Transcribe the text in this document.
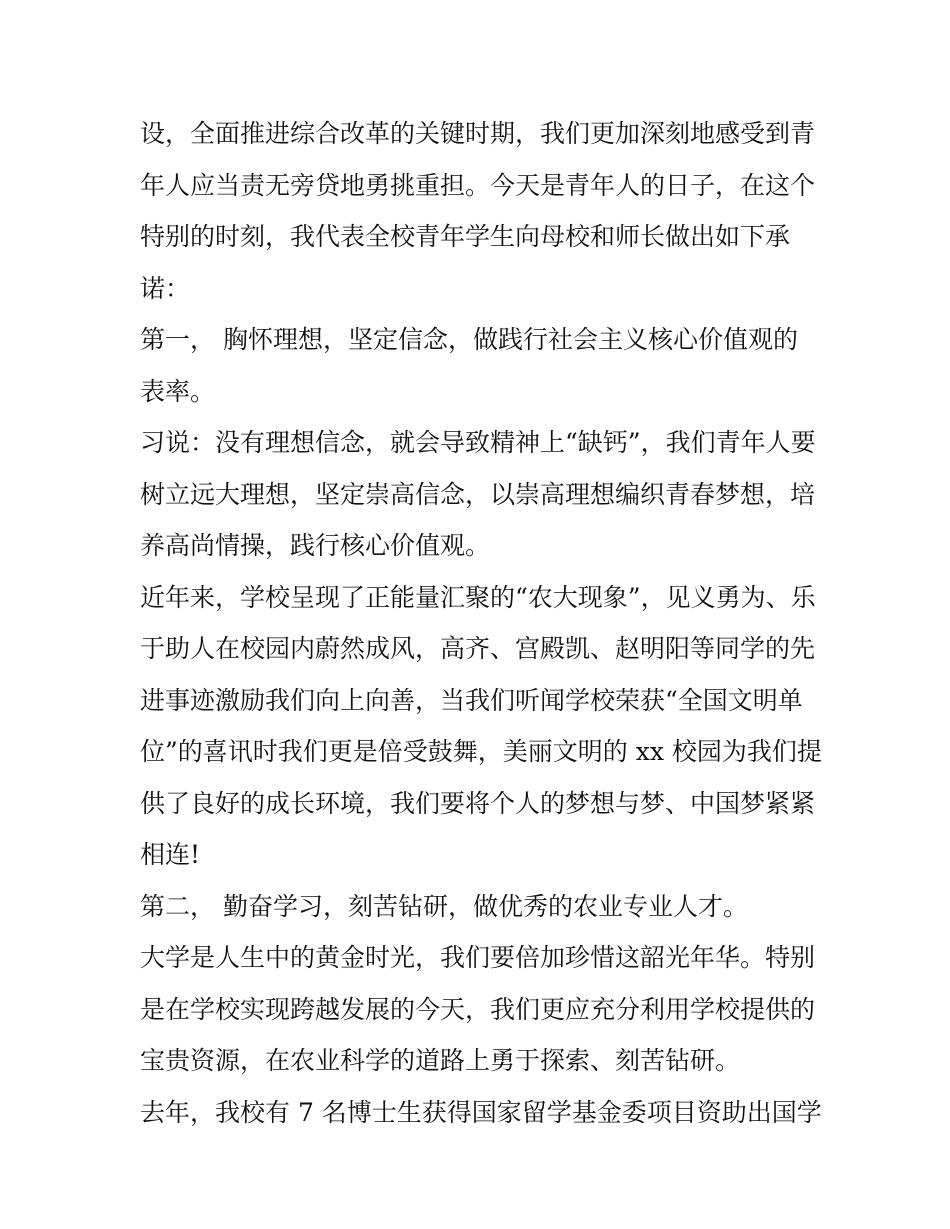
设，全面推进综合改革的关键时期，我们更加深刻地感受到青
年人应当责无旁贷地勇挑重担。今天是青年人的日子，在这个
特别的时刻，我代表全校青年学生向母校和师长做出如下承
诺：
第一， 胸怀理想，坚定信念，做践行社会主义核心价值观的
表率。
习说：没有理想信念，就会导致精神上“缺钙”，我们青年人要
树立远大理想，坚定崇高信念，以崇高理想编织青春梦想，培
养高尚情操，践行核心价值观。
近年来，学校呈现了正能量汇聚的“农大现象”，见义勇为、乐
于助人在校园内蔚然成风，高齐、宫殿凯、赵明阳等同学的先
进事迹激励我们向上向善，当我们听闻学校荣获“全国文明单
位”的喜讯时我们更是倍受鼓舞，美丽文明的 xx 校园为我们提
供了良好的成长环境，我们要将个人的梦想与梦、中国梦紧紧
相连!
第二， 勤奋学习，刻苦钻研，做优秀的农业专业人才。
大学是人生中的黄金时光，我们要倍加珍惜这韶光年华。特别
是在学校实现跨越发展的今天，我们更应充分利用学校提供的
宝贵资源，在农业科学的道路上勇于探索、刻苦钻研。
去年，我校有 7 名博士生获得国家留学基金委项目资助出国学
